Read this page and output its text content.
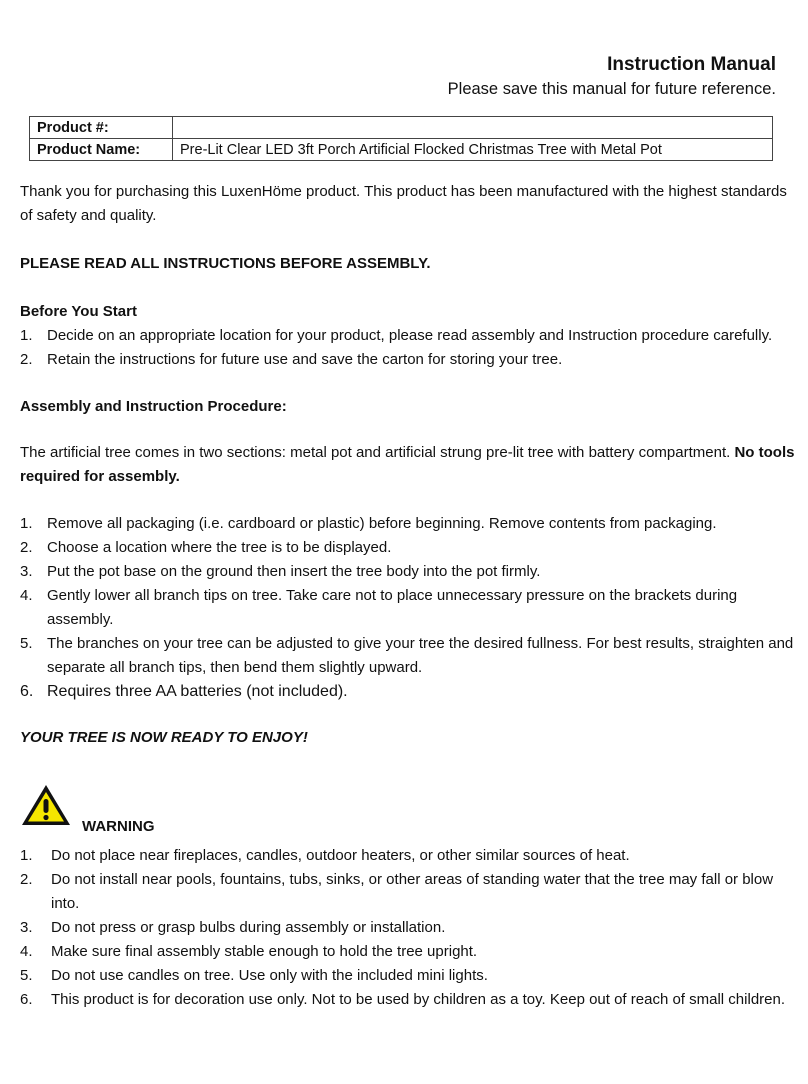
Instruction Manual
Please save this manual for future reference.
Product #:	
Product Name:	Pre-Lit Clear LED 3ft Porch Artificial Flocked Christmas Tree with Metal Pot

Thank you for purchasing this LuxenHöme product. This product has been manufactured with the highest standards of safety and quality.

PLEASE READ ALL INSTRUCTIONS BEFORE ASSEMBLY.

Before You Start

1. Decide on an appropriate location for your product, please read assembly and Instruction procedure carefully.
2. Retain the instructions for future use and save the carton for storing your tree.

Assembly and Instruction Procedure:

The artificial tree comes in two sections: metal pot and artificial strung pre-lit tree with battery compartment. No tools required for assembly.

1. Remove all packaging (i.e. cardboard or plastic) before beginning. Remove contents from packaging.
2. Choose a location where the tree is to be displayed.
3. Put the pot base on the ground then insert the tree body into the pot firmly.
4. Gently lower all branch tips on tree. Take care not to place unnecessary pressure on the brackets during assembly.
5. The branches on your tree can be adjusted to give your tree the desired fullness. For best results, straighten and separate all branch tips, then bend them slightly upward.
6. Requires three AA batteries (not included).

YOUR TREE IS NOW READY TO ENJOY!

WARNING
1. Do not place near fireplaces, candles, outdoor heaters, or other similar sources of heat.
2. Do not install near pools, fountains, tubs, sinks, or other areas of standing water that the tree may fall or blow into.
3. Do not press or grasp bulbs during assembly or installation.
4. Make sure final assembly stable enough to hold the tree upright.
5. Do not use candles on tree. Use only with the included mini lights.
6. This product is for decoration use only. Not to be used by children as a toy. Keep out of reach of small children.
